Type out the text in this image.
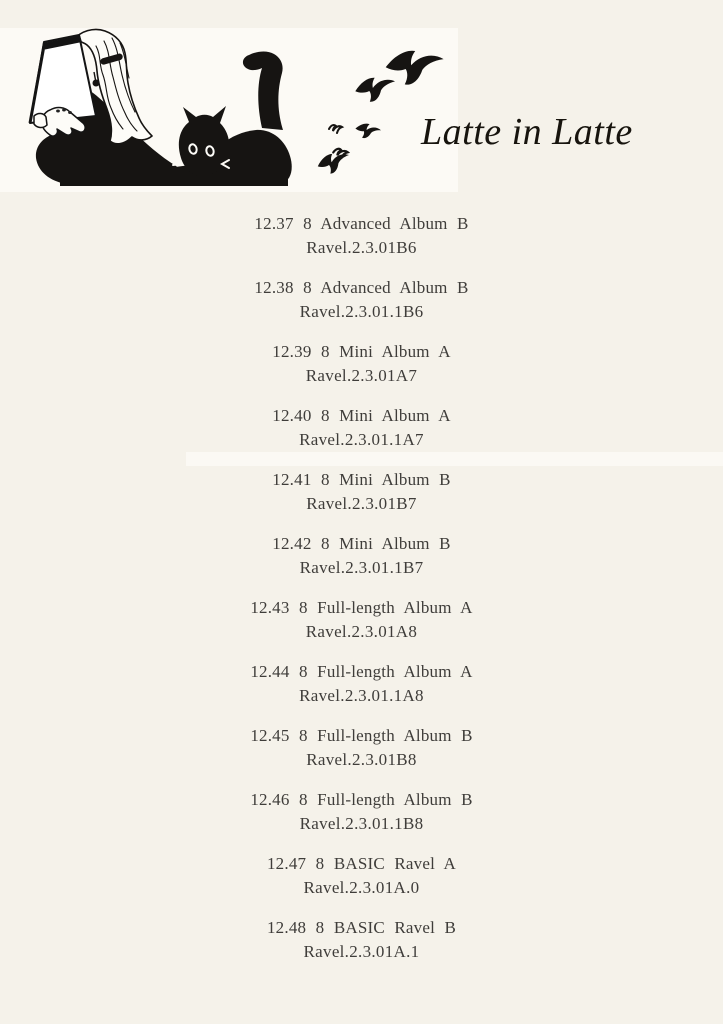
Latte in Latte

12.37 8 Advanced Album B

Ravel.2.3.01B6

12.38 8 Advanced Album B

Ravel.2.3.01.1B6

12.39 8 Mini Album A

Ravel.2.3.01A7

12.40 8 Mini Album A

Ravel.2.3.01.1A7

12.41 8 Mini Album B

Ravel.2.3.01B7

12.42 8 Mini Album B

Ravel.2.3.01.1B7

12.43 8 Full-length Album A

Ravel.2.3.01A8

12.44 8 Full-length Album A

Ravel.2.3.01.1A8

12.45 8 Full-length Album B

Ravel.2.3.01B8

12.46 8 Full-length Album B

Ravel.2.3.01.1B8

12.47 8 BASIC Ravel A

Ravel.2.3.01A.0

12.48 8 BASIC Ravel B

Ravel.2.3.01A.1
